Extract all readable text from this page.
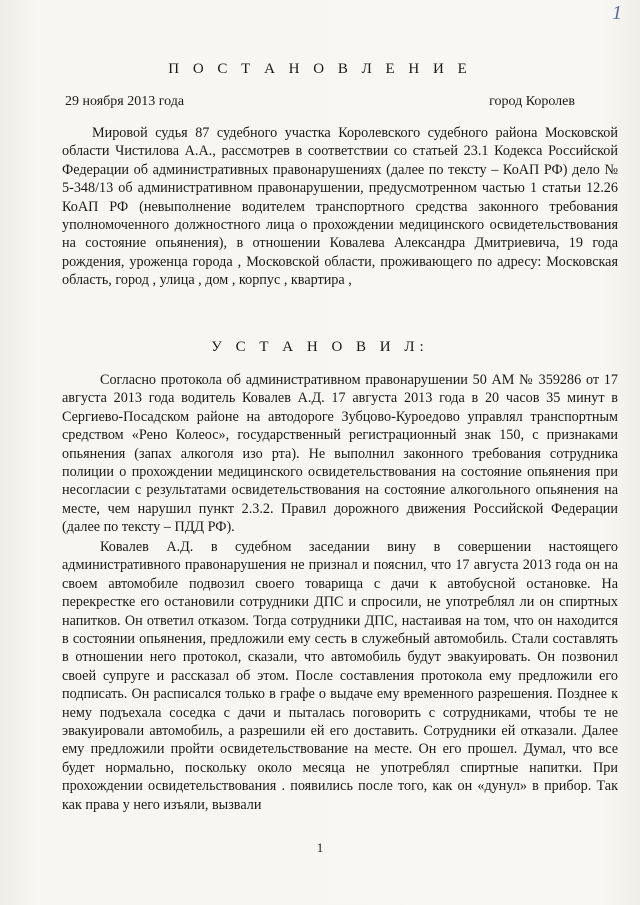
1
П О С Т А Н О В Л Е Н И Е
29 ноября 2013 года	город Королев

Мировой судья 87 судебного участка Королевского судебного района Московской области Чистилова А.А., рассмотрев в соответствии со статьей 23.1 Кодекса Российской Федерации об административных правонарушениях (далее по тексту – КоАП РФ) дело № 5-348/13 об административном правонарушении, предусмотренном частью 1 статьи 12.26 КоАП РФ (невыполнение водителем транспортного средства законного требования уполномоченного должностного лица о прохождении медицинского освидетельствования на состояние опьянения), в отношении Ковалева Александра Дмитриевича, 19 года рождения, уроженца города , Московской области, проживающего по адресу: Московская область, город , улица , дом , корпус , квартира ,

У С Т А Н О В И Л:

Согласно протокола об административном правонарушении 50 АМ № 359286 от 17 августа 2013 года водитель Ковалев А.Д. 17 августа 2013 года в 20 часов 35 минут в Сергиево-Посадском районе на автодороге Зубцово-Куроедово управлял транспортным средством «Рено Колеос», государственный регистрационный знак 150, с признаками опьянения (запах алкоголя изо рта). Не выполнил законного требования сотрудника полиции о прохождении медицинского освидетельствования на состояние опьянения при несогласии с результатами освидетельствования на состояние алкогольного опьянения на месте, чем нарушил пункт 2.3.2. Правил дорожного движения Российской Федерации (далее по тексту – ПДД РФ).

Ковалев А.Д. в судебном заседании вину в совершении настоящего административного правонарушения не признал и пояснил, что 17 августа 2013 года он на своем автомобиле подвозил своего товарища с дачи к автобусной остановке. На перекрестке его остановили сотрудники ДПС и спросили, не употреблял ли он спиртных напитков. Он ответил отказом. Тогда сотрудники ДПС, настаивая на том, что он находится в состоянии опьянения, предложили ему сесть в служебный автомобиль. Стали составлять в отношении него протокол, сказали, что автомобиль будут эвакуировать. Он позвонил своей супруге и рассказал об этом. После составления протокола ему предложили его подписать. Он расписался только в графе о выдаче ему временного разрешения. Позднее к нему подъехала соседка с дачи и пыталась поговорить с сотрудниками, чтобы те не эвакуировали автомобиль, а разрешили ей его доставить. Сотрудники ей отказали. Далее ему предложили пройти освидетельствование на месте. Он его прошел. Думал, что все будет нормально, поскольку около месяца не употреблял спиртные напитки. При прохождении освидетельствования . появились после того, как он «дунул» в прибор. Так как права у него изъяли, вызвали

1
